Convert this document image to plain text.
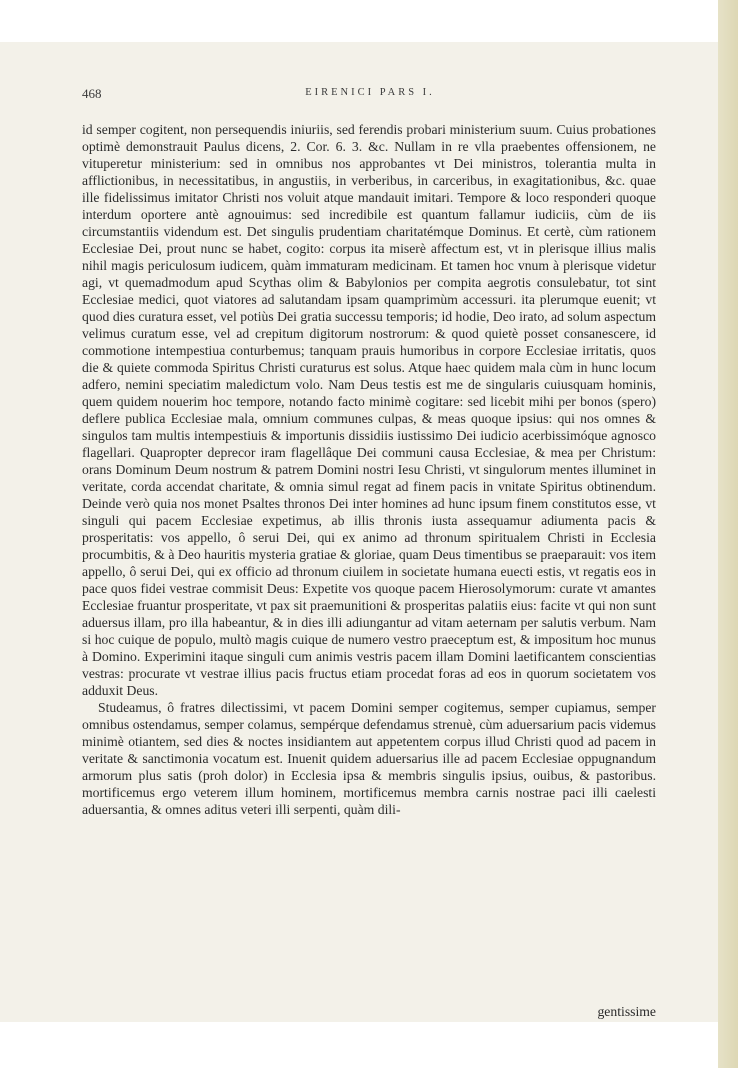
468	EIRENICI PARS I.

id semper cogitent, non persequendis iniuriis, sed ferendis probari ministerium suum. Cuius probationes optimè demonstrauit Paulus dicens, 2. Cor. 6. 3. &c. Nullam in re vlla praebentes offensionem, ne vituperetur ministerium: sed in omnibus nos approbantes vt Dei ministros, tolerantia multa in afflictionibus, in necessitatibus, in angustiis, in verberibus, in carceribus, in exagitationibus, &c. quae ille fidelissimus imitator Christi nos voluit atque mandauit imitari. Tempore & loco responderi quoque interdum oportere antè agnouimus: sed incredibile est quantum fallamur iudiciis, cùm de iis circumstantiis videndum est. Det singulis prudentiam charitatémque Dominus. Et certè, cùm rationem Ecclesiae Dei, prout nunc se habet, cogito: corpus ita miserè affectum est, vt in plerisque illius malis nihil magis periculosum iudicem, quàm immaturam medicinam. Et tamen hoc vnum à plerisque videtur agi, vt quemadmodum apud Scythas olim & Babylonios per compita aegrotis consulebatur, tot sint Ecclesiae medici, quot viatores ad salutandam ipsam quamprimùm accessuri. ita plerumque euenit; vt quod dies curatura esset, vel potiùs Dei gratia successu temporis; id hodie, Deo irato, ad solum aspectum velimus curatum esse, vel ad crepitum digitorum nostrorum: & quod quietè posset consanescere, id commotione intempestiua conturbemus; tanquam prauis humoribus in corpore Ecclesiae irritatis, quos die & quiete commoda Spiritus Christi curaturus est solus. Atque haec quidem mala cùm in hunc locum adfero, nemini speciatim maledictum volo. Nam Deus testis est me de singularis cuiusquam hominis, quem quidem nouerim hoc tempore, notando facto minimè cogitare: sed licebit mihi per bonos (spero) deflere publica Ecclesiae mala, omnium communes culpas, & meas quoque ipsius: qui nos omnes & singulos tam multis intempestiuis & importunis dissidiis iustissimo Dei iudicio acerbissimóque agnosco flagellari. Quapropter deprecor iram flagellâque Dei communi causa Ecclesiae, & mea per Christum: orans Dominum Deum nostrum & patrem Domini nostri Iesu Christi, vt singulorum mentes illuminet in veritate, corda accendat charitate, & omnia simul regat ad finem pacis in vnitate Spiritus obtinendum. Deinde verò quia nos monet Psaltes thronos Dei inter homines ad hunc ipsum finem constitutos esse, vt singuli qui pacem Ecclesiae expetimus, ab illis thronis iusta assequamur adiumenta pacis & prosperitatis: vos appello, ô serui Dei, qui ex animo ad thronum spiritualem Christi in Ecclesia procumbitis, & à Deo hauritis mysteria gratiae & gloriae, quam Deus timentibus se praeparauit: vos item appello, ô serui Dei, qui ex officio ad thronum ciuilem in societate humana euecti estis, vt regatis eos in pace quos fidei vestrae commisit Deus: Expetite vos quoque pacem Hierosolymorum: curate vt amantes Ecclesiae fruantur prosperitate, vt pax sit praemunitioni & prosperitas palatiis eius: facite vt qui non sunt aduersus illam, pro illa habeantur, & in dies illi adiungantur ad vitam aeternam per salutis verbum. Nam si hoc cuique de populo, multò magis cuique de numero vestro praeceptum est, & impositum hoc munus à Domino. Experimini itaque singuli cum animis vestris pacem illam Domini laetificantem conscientias vestras: procurate vt vestrae illius pacis fructus etiam procedat foras ad eos in quorum societatem vos adduxit Deus.

Studeamus, ô fratres dilectissimi, vt pacem Domini semper cogitemus, semper cupiamus, semper omnibus ostendamus, semper colamus, sempérque defendamus strenuè, cùm aduersarium pacis videmus minimè otiantem, sed dies & noctes insidiantem aut appetentem corpus illud Christi quod ad pacem in veritate & sanctimonia vocatum est. Inuenit quidem aduersarius ille ad pacem Ecclesiae oppugnandum armorum plus satis (proh dolor) in Ecclesia ipsa & membris singulis ipsius, ouibus, & pastoribus. mortificemus ergo veterem illum hominem, mortificemus membra carnis nostrae paci illi caelesti aduersantia, & omnes aditus veteri illi serpenti, quàm dili-

gentissime
